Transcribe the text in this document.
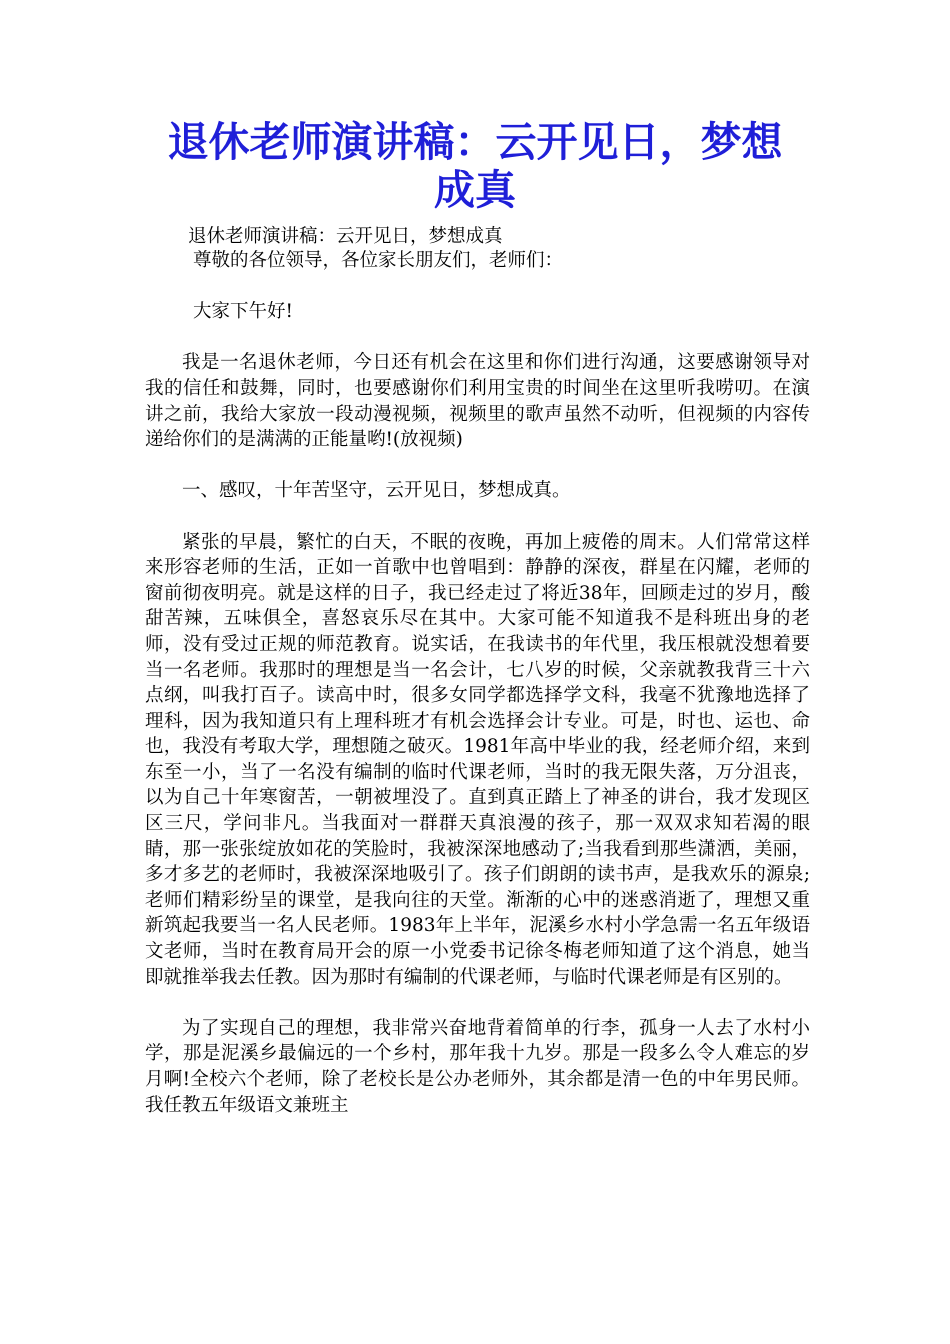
退休老师演讲稿：云开见日，梦想成真

退休老师演讲稿：云开见日，梦想成真

尊敬的各位领导，各位家长朋友们，老师们：

大家下午好!

我是一名退休老师，今日还有机会在这里和你们进行沟通，这要感谢领导对我的信任和鼓舞，同时，也要感谢你们利用宝贵的时间坐在这里听我唠叨。在演讲之前，我给大家放一段动漫视频，视频里的歌声虽然不动听，但视频的内容传递给你们的是满满的正能量哟!(放视频)

一、感叹，十年苦坚守，云开见日，梦想成真。

紧张的早晨，繁忙的白天，不眠的夜晚，再加上疲倦的周末。人们常常这样来形容老师的生活，正如一首歌中也曾唱到：静静的深夜，群星在闪耀，老师的窗前彻夜明亮。就是这样的日子，我已经走过了将近38年，回顾走过的岁月，酸甜苦辣，五味俱全，喜怒哀乐尽在其中。大家可能不知道我不是科班出身的老师，没有受过正规的师范教育。说实话，在我读书的年代里，我压根就没想着要当一名老师。我那时的理想是当一名会计，七八岁的时候，父亲就教我背三十六点纲，叫我打百子。读高中时，很多女同学都选择学文科，我毫不犹豫地选择了理科，因为我知道只有上理科班才有机会选择会计专业。可是，时也、运也、命也，我没有考取大学，理想随之破灭。1981年高中毕业的我，经老师介绍，来到东至一小，当了一名没有编制的临时代课老师，当时的我无限失落，万分沮丧，以为自己十年寒窗苦，一朝被埋没了。直到真正踏上了神圣的讲台，我才发现区区三尺，学问非凡。当我面对一群群天真浪漫的孩子，那一双双求知若渴的眼睛，那一张张绽放如花的笑脸时，我被深深地感动了;当我看到那些潇洒，美丽，多才多艺的老师时，我被深深地吸引了。孩子们朗朗的读书声，是我欢乐的源泉;老师们精彩纷呈的课堂，是我向往的天堂。渐渐的心中的迷惑消逝了，理想又重新筑起我要当一名人民老师。1983年上半年，泥溪乡水村小学急需一名五年级语文老师，当时在教育局开会的原一小党委书记徐冬梅老师知道了这个消息，她当即就推举我去任教。因为那时有编制的代课老师，与临时代课老师是有区别的。

为了实现自己的理想，我非常兴奋地背着简单的行李，孤身一人去了水村小学，那是泥溪乡最偏远的一个乡村，那年我十九岁。那是一段多么令人难忘的岁月啊!全校六个老师，除了老校长是公办老师外，其余都是清一色的中年男民师。我任教五年级语文兼班主
